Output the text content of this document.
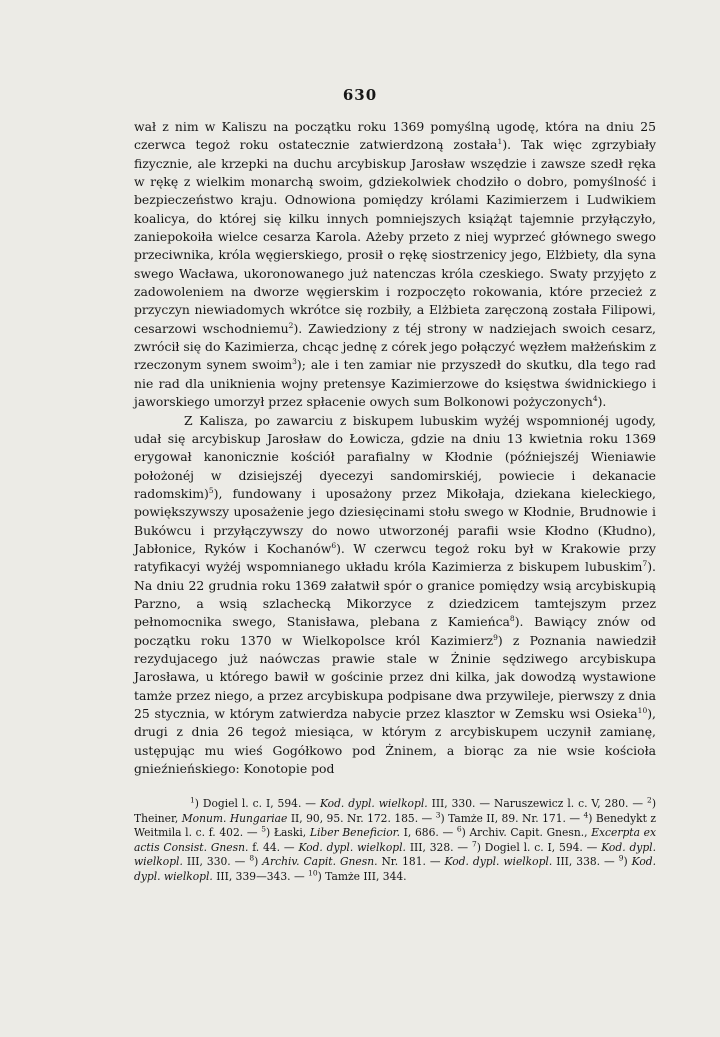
630

wał z nim w Kaliszu na początku roku 1369 pomyślną ugodę, która na dniu 25 czerwca tegoż roku ostatecznie zatwierdzoną została$^1$). Tak więc zgrzybiały fizycznie, ale krzepki na duchu arcybiskup Jarosław wszędzie i zawsze szedł ręka w rękę z wielkim monarchą swoim, gdziekolwiek chodziło o dobro, pomyślność i bezpieczeństwo kraju. Odnowiona pomiędzy królami Kazimierzem i Ludwikiem koalicya, do której się kilku innych pomniejszych książąt tajemnie przyłączyło, zaniepokoiła wielce cesarza Karola. Ażeby przeto z niej wyprzeć głównego swego przeciwnika, króla węgierskiego, prosił o rękę siostrzenicy jego, Elżbiety, dla syna swego Wacława, ukoronowanego już natenczas króla czeskiego. Swaty przyjęto z zadowoleniem na dworze węgierskim i rozpoczęto rokowania, które przecież z przyczyn niewiadomych wkrótce się rozbiły, a Elżbieta zaręczoną została Filipowi, cesarzowi wschodniemu$^2$). Zawiedziony z téj strony w nadziejach swoich cesarz, zwrócił się do Kazimierza, chcąc jednę z córek jego połączyć węzłem małżeńskim z rzeczonym synem swoim$^3$); ale i ten zamiar nie przyszedł do skutku, dla tego rad nie rad dla uniknienia wojny pretensye Kazimierzowe do księstwa świdnickiego i jaworskiego umorzył przez spłacenie owych sum Bolkonowi pożyczonych$^4$).

Z Kalisza, po zawarciu z biskupem lubuskim wyżéj wspomnionéj ugody, udał się arcybiskup Jarosław do Łowicza, gdzie na dniu 13 kwietnia roku 1369 erygował kanonicznie kościół parafialny w Kłodnie (późniejszéj Wieniawie położonéj w dzisiejszéj dyecezyi sandomirskiéj, powiecie i dekanacie radomskim)$^5$), fundowany i uposażony przez Mikołaja, dziekana kieleckiego, powiększywszy uposażenie jego dziesięcinami stołu swego w Kłodnie, Brudnowie i Bukówcu i przyłączywszy do nowo utworzonéj parafii wsie Kłodno (Kłudno), Jabłonice, Ryków i Kochanów$^6$). W czerwcu tegoż roku był w Krakowie przy ratyfikacyi wyżéj wspomnianego układu króla Kazimierza z biskupem lubuskim$^7$). Na dniu 22 grudnia roku 1369 załatwił spór o granice pomiędzy wsią arcybiskupią Parzno, a wsią szlachecką Mikorzyce z dziedzicem tamtejszym przez pełnomocnika swego, Stanisława, plebana z Kamieńca$^8$). Bawiący znów od początku roku 1370 w Wielkopolsce król Kazimierz$^9$) z Poznania nawiedził rezydujacego już naówczas prawie stale w Żninie sędziwego arcybiskupa Jarosława, u którego bawił w gościnie przez dni kilka, jak dowodzą wystawione tamże przez niego, a przez arcybiskupa podpisane dwa przywileje, pierwszy z dnia 25 stycznia, w którym zatwierdza nabycie przez klasztor w Zemsku wsi Osieka$^{10}$), drugi z dnia 26 tegoż miesiąca, w którym z arcybiskupem uczynił zamianę, ustępując mu wieś Gogółkowo pod Żninem, a biorąc za nie wsie kościoła gnieźnieńskiego: Konotopie pod

$^1$) Dogiel l. c. I, 594. — Kod. dypl. wielkopl. III, 330. — Naruszewicz l. c. V, 280. — $^2$) Theiner, Monum. Hungariae II, 90, 95. Nr. 172. 185. — $^3$) Tamże II, 89. Nr. 171. — $^4$) Benedykt z Weitmila l. c. f. 402. — $^5$) Łaski, Liber Beneficior. I, 686. — $^6$) Archiv. Capit. Gnesn., Excerpta ex actis Consist. Gnesn. f. 44. — Kod. dypl. wielkopl. III, 328. — $^7$) Dogiel l. c. I, 594. — Kod. dypl. wielkopl. III, 330. — $^8$) Archiv. Capit. Gnesn. Nr. 181. — Kod. dypl. wielkopl. III, 338. — $^9$) Kod. dypl. wielkopl. III, 339—343. — $^{10}$) Tamże III, 344.
